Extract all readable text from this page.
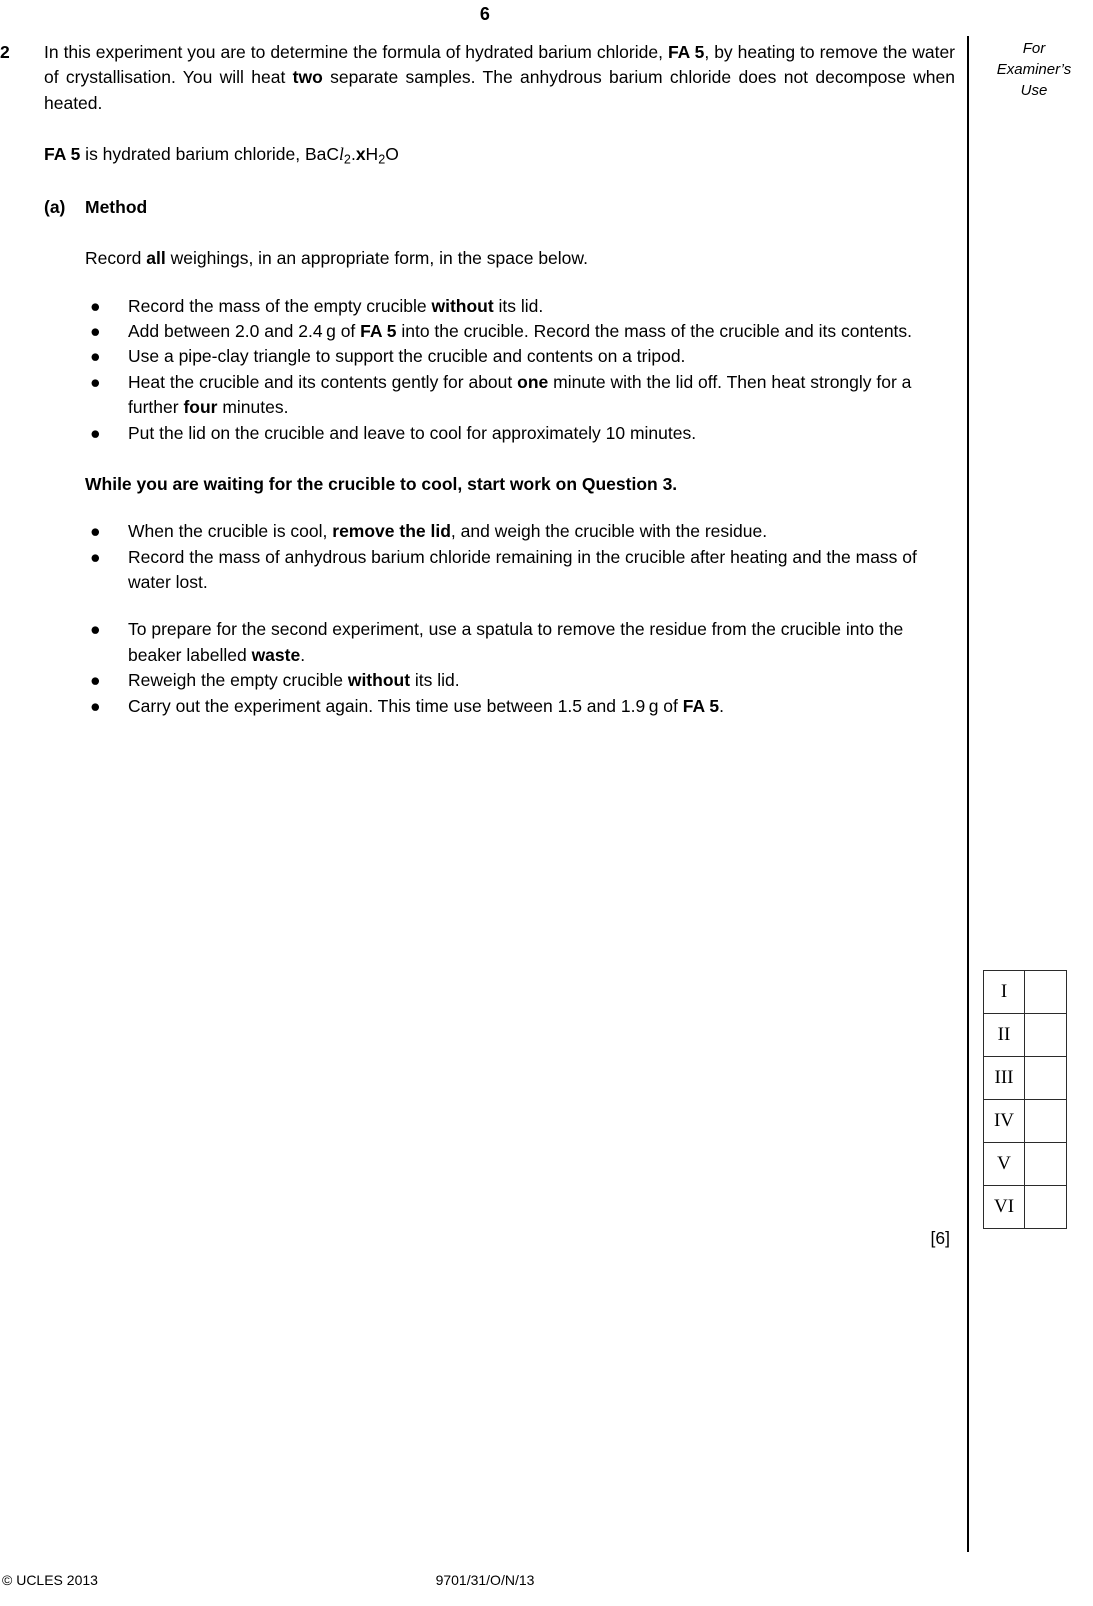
6
For
Examiner’s
Use
I	
II	
III	
IV	
V	
VI	
2 In this experiment you are to determine the formula of hydrated barium chloride, FA 5, by heating to remove the water of crystallisation. You will heat two separate samples. The anhydrous barium chloride does not decompose when heated.

FA 5 is hydrated barium chloride, $BaCl_2.xH_2O$

(a) Method

Record all weighings, in an appropriate form, in the space below.

● Record the mass of the empty crucible without its lid.
● Add between 2.0 and 2.4 g of FA 5 into the crucible. Record the mass of the crucible and its contents.
● Use a pipe-clay triangle to support the crucible and contents on a tripod.
● Heat the crucible and its contents gently for about one minute with the lid off. Then heat strongly for a further four minutes.
● Put the lid on the crucible and leave to cool for approximately 10 minutes.

While you are waiting for the crucible to cool, start work on Question 3.

● When the crucible is cool, remove the lid, and weigh the crucible with the residue.
● Record the mass of anhydrous barium chloride remaining in the crucible after heating and the mass of water lost.
● To prepare for the second experiment, use a spatula to remove the residue from the crucible into the beaker labelled waste.
● Reweigh the empty crucible without its lid.
● Carry out the experiment again. This time use between 1.5 and 1.9 g of FA 5.
[6]
© UCLES 2013	9701/31/O/N/13
